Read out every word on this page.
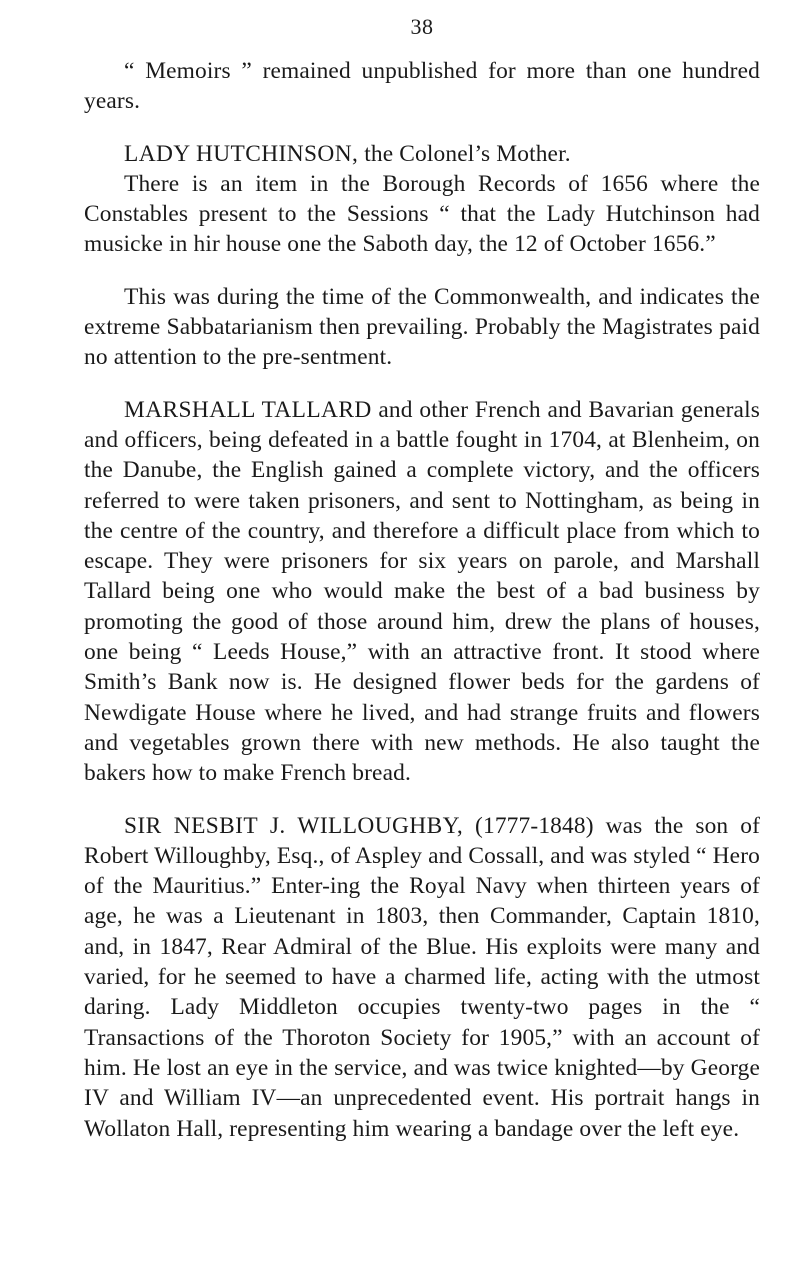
38

“ Memoirs ” remained unpublished for more than one hundred years.

LADY HUTCHINSON, the Colonel’s Mother.

There is an item in the Borough Records of 1656 where the Constables present to the Sessions “ that the Lady Hutchinson had musicke in hir house one the Saboth day, the 12 of October 1656.”

This was during the time of the Commonwealth, and indicates the extreme Sabbatarianism then prevailing. Probably the Magistrates paid no attention to the pre-sentment.

MARSHALL TALLARD and other French and Bavarian generals and officers, being defeated in a battle fought in 1704, at Blenheim, on the Danube, the English gained a complete victory, and the officers referred to were taken prisoners, and sent to Nottingham, as being in the centre of the country, and therefore a difficult place from which to escape. They were prisoners for six years on parole, and Marshall Tallard being one who would make the best of a bad business by promoting the good of those around him, drew the plans of houses, one being “ Leeds House,” with an attractive front. It stood where Smith’s Bank now is. He designed flower beds for the gardens of Newdigate House where he lived, and had strange fruits and flowers and vegetables grown there with new methods. He also taught the bakers how to make French bread.

SIR NESBIT J. WILLOUGHBY, (1777-1848) was the son of Robert Willoughby, Esq., of Aspley and Cossall, and was styled “ Hero of the Mauritius.” Enter-ing the Royal Navy when thirteen years of age, he was a Lieutenant in 1803, then Commander, Captain 1810, and, in 1847, Rear Admiral of the Blue. His exploits were many and varied, for he seemed to have a charmed life, acting with the utmost daring. Lady Middleton occupies twenty-two pages in the “ Transactions of the Thoroton Society for 1905,” with an account of him. He lost an eye in the service, and was twice knighted—by George IV and William IV—an unprecedented event. His portrait hangs in Wollaton Hall, representing him wearing a bandage over the left eye.
